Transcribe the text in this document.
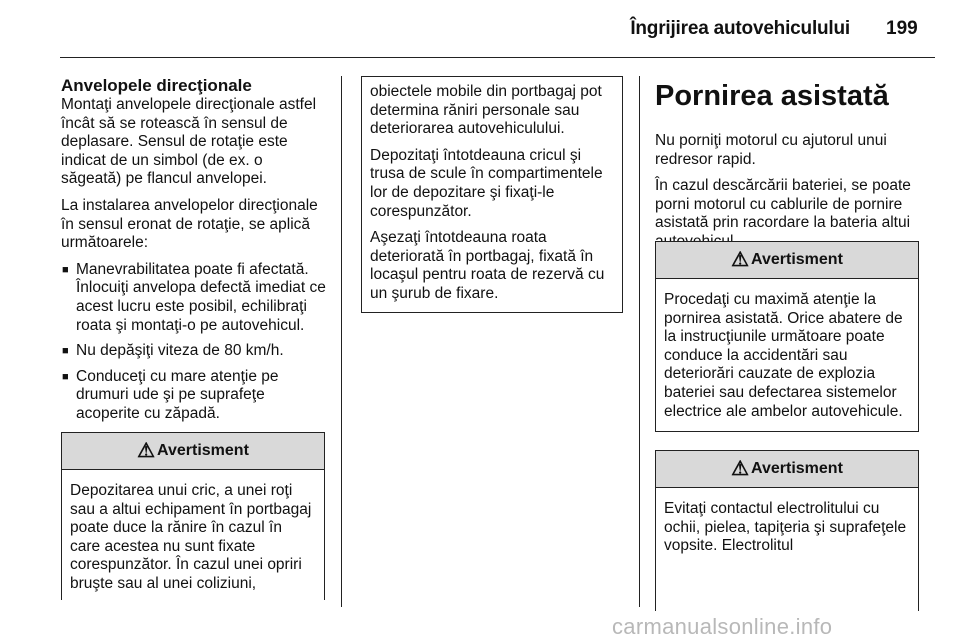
Îngrijirea autovehiculului 199
Anvelopele direcţionale

Montaţi anvelopele direcţionale astfel încât să se rotească în sensul de deplasare. Sensul de rotaţie este indicat de un simbol (de ex. o săgeată) pe flancul anvelopei.

La instalarea anvelopelor direcţionale în sensul eronat de rotaţie, se aplică următoarele:

■ Manevrabilitatea poate fi afectată. Înlocuiţi anvelopa defectă imediat ce acest lucru este posibil, echilibraţi roata şi montaţi-o pe autovehicul.
■ Nu depăşiţi viteza de 80 km/h.
■ Conduceţi cu mare atenţie pe drumuri ude şi pe suprafeţe acoperite cu zăpadă.
⚠ Avertisment
Depozitarea unui cric, a unei roţi sau a altui echipament în portbagaj poate duce la rănire în cazul în care acestea nu sunt fixate corespunzător. În cazul unei opriri bruşte sau al unei coliziuni,

obiectele mobile din portbagaj pot determina răniri personale sau deteriorarea autovehiculului.

Depozitaţi întotdeauna cricul şi trusa de scule în compartimentele lor de depozitare şi fixaţi-le corespunzător.

Aşezaţi întotdeauna roata deteriorată în portbagaj, fixată în locaşul pentru roata de rezervă cu un şurub de fixare.

Pornirea asistată

Nu porniţi motorul cu ajutorul unui redresor rapid.

În cazul descărcării bateriei, se poate porni motorul cu cablurile de pornire asistată prin racordare la bateria altui

⚠ Avertisment
Procedaţi cu maximă atenţie la pornirea asistată. Orice abatere de la instrucţiunile următoare poate conduce la accidentări sau deteriorări cauzate de explozia bateriei sau defectarea sistemelor electrice ale ambelor autovehicule.
⚠ Avertisment
Evitaţi contactul electrolitului cu ochii, pielea, tapiţeria şi suprafeţele vopsite. Electrolitul
carmanualsonline.info
